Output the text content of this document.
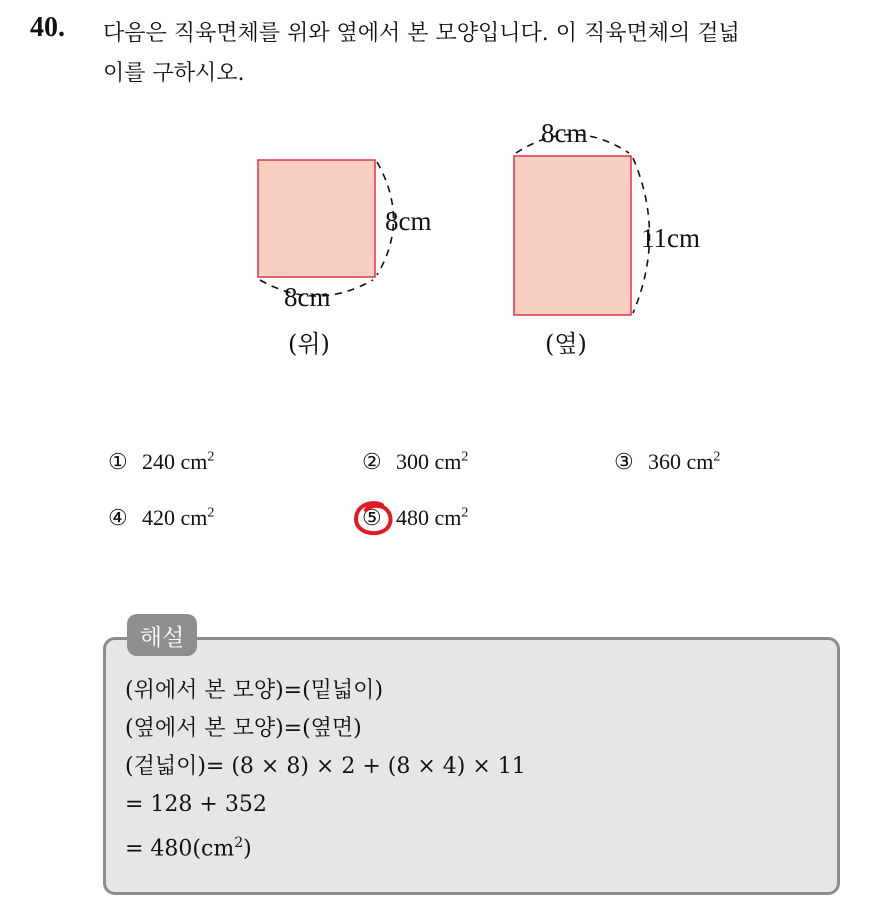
40. 다음은 직육면체를 위와 옆에서 본 모양입니다. 이 직육면체의 겉넓
이를 구하시오.
8cm
8cm
(위)
8cm
11cm
(옆)
① 240 $cm^2$	② 300 $cm^2$	③ 360 $cm^2$
④ 420 $cm^2$	⑤ 480 $cm^2$
해설
(위에서 본 모양)=(밑넓이)
(옆에서 본 모양)=(옆면)
(겉넓이)= (8 × 8) × 2 + (8 × 4) × 11
= 128 + 352
= $480(cm^2)$
